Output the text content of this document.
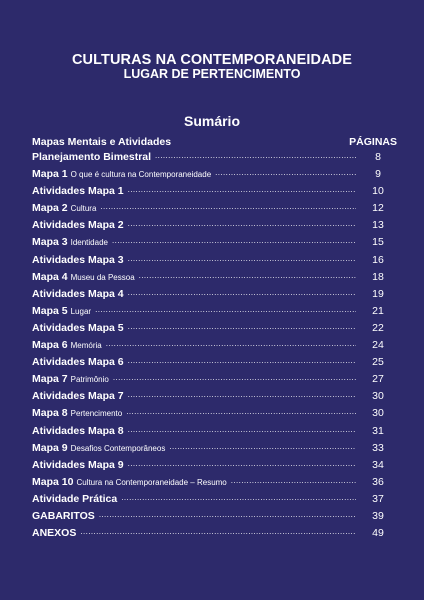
CULTURAS NA CONTEMPORANEIDADE
LUGAR DE PERTENCIMENTO
Sumário
Mapas Mentais e Atividades	PÁGINAS
Planejamento Bimestral .....	8
Mapa 1 O que é cultura na Contemporaneidade .....	9
Atividades Mapa 1 .....	10
Mapa 2 Cultura .....	12
Atividades Mapa 2 .....	13
Mapa 3 Identidade .....	15
Atividades Mapa 3 .....	16
Mapa 4 Museu da Pessoa .....	18
Atividades Mapa 4 .....	19
Mapa 5 Lugar .....	21
Atividades Mapa 5 .....	22
Mapa 6 Memória .....	24
Atividades Mapa 6 .....	25
Mapa 7 Patrimônio .....	27
Atividades Mapa 7 .....	30
Mapa 8 Pertencimento .....	30
Atividades Mapa 8 .....	31
Mapa 9 Desafios Contemporâneos .....	33
Atividades Mapa 9 .....	34
Mapa 10 Cultura na Contemporaneidade – Resumo .....	36
Atividade Prática .....	37
GABARITOS .....	39
ANEXOS .....	49
